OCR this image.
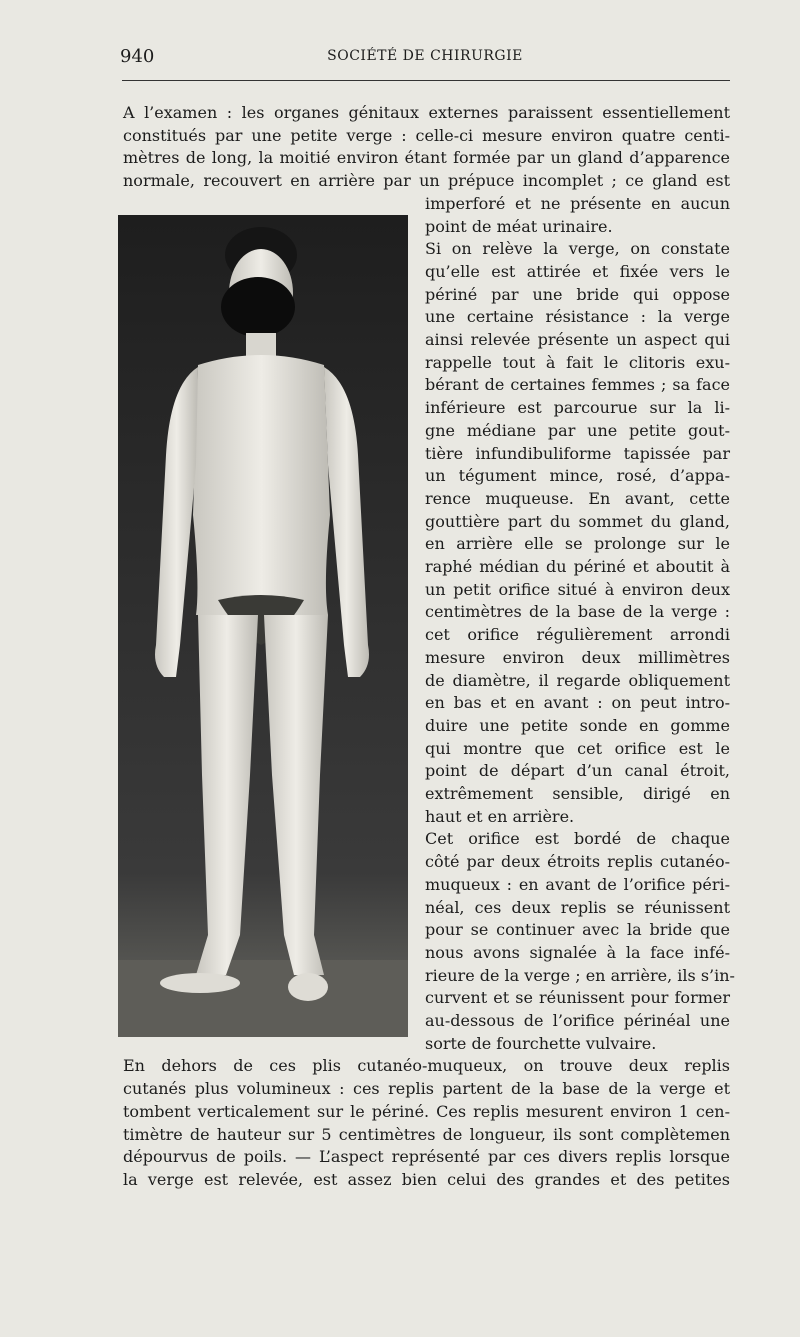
940	SOCIÉTÉ DE CHIRURGIE
A l’examen : les organes génitaux externes paraissent essentiellement
constitués par une petite verge : celle-ci mesure environ quatre centi-
mètres de long, la moitié environ étant formée par un gland d’apparence
normale, recouvert en arrière par un prépuce incomplet ; ce gland est
imperforé et ne présente en aucun
point de méat urinaire.
Si on relève la verge, on constate
qu’elle est attirée et fixée vers le
périné par une bride qui oppose
une certaine résistance : la verge
ainsi relevée présente un aspect qui
rappelle tout à fait le clitoris exu-
bérant de certaines femmes ; sa face
inférieure est parcourue sur la li-
gne médiane par une petite gout-
tière infundibuliforme tapissée par
un tégument mince, rosé, d’appa-
rence muqueuse. En avant, cette
gouttière part du sommet du gland,
en arrière elle se prolonge sur le
raphé médian du périné et aboutit à
un petit orifice situé à environ deux
centimètres de la base de la verge :
cet orifice régulièrement arrondi
mesure environ deux millimètres
de diamètre, il regarde obliquement
en bas et en avant : on peut intro-
duire une petite sonde en gomme
qui montre que cet orifice est le
point de départ d’un canal étroit,
extrêmement sensible, dirigé en
haut et en arrière.
Cet orifice est bordé de chaque
côté par deux étroits replis cutanéo-
muqueux : en avant de l’orifice péri-
néal, ces deux replis se réunissent
pour se continuer avec la bride que
nous avons signalée à la face infé-
rieure de la verge ; en arrière, ils s’in-
curvent et se réunissent pour former
au-dessous de l’orifice périnéal une
sorte de fourchette vulvaire.
En dehors de ces plis cutanéo-muqueux, on trouve deux replis
cutanés plus volumineux : ces replis partent de la base de la verge et
tombent verticalement sur le périné. Ces replis mesurent environ 1 cen-
timètre de hauteur sur 5 centimètres de longueur, ils sont complètemen
dépourvus de poils. — L’aspect représenté par ces divers replis lorsque
la verge est relevée, est assez bien celui des grandes et des petites
